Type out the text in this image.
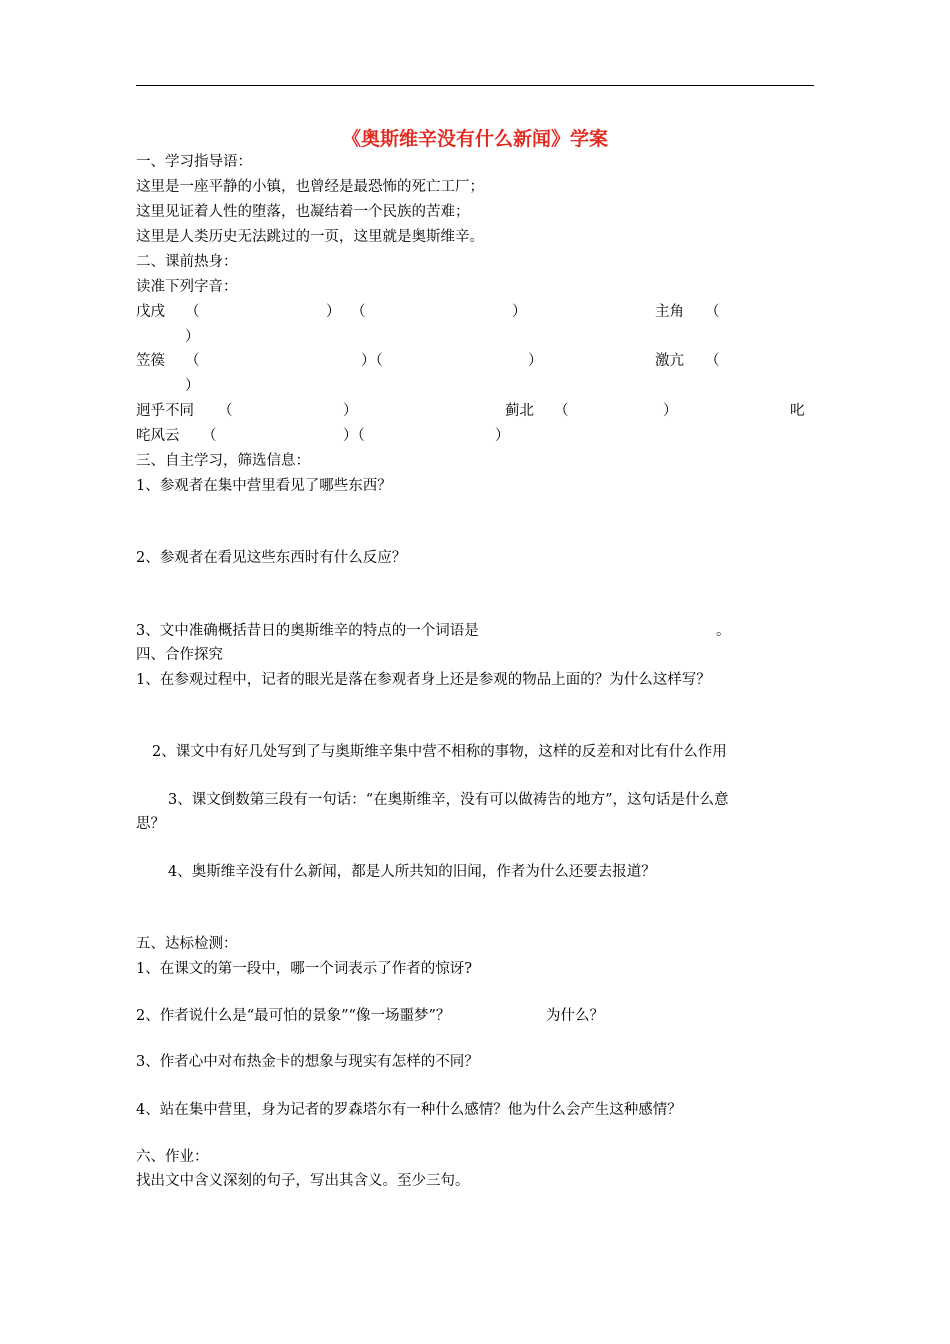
《奥斯维辛没有什么新闻》学案
一、学习指导语：
这里是一座平静的小镇，也曾经是最恐怖的死亡工厂；
这里见证着人性的堕落，也凝结着一个民族的苦难；
这里是人类历史无法跳过的一页，这里就是奥斯维辛。
二、课前热身：
读准下列字音：
戊戌 （	） （	）	主角 （
）
笠篌 （	）（	）	激亢 （
）
迥乎不同 （	）	蓟北 （	）	叱
咤风云 （	）（	）
三、自主学习，筛选信息：
1、参观者在集中营里看见了哪些东西？
2、参观者在看见这些东西时有什么反应？
3、文中准确概括昔日的奥斯维辛的特点的一个词语是	。
四、合作探究
1、在参观过程中，记者的眼光是落在参观者身上还是参观的物品上面的？为什么这样写？
2、课文中有好几处写到了与奥斯维辛集中营不相称的事物，这样的反差和对比有什么作用
3、课文倒数第三段有一句话：“在奥斯维辛，没有可以做祷告的地方”，这句话是什么意
思？
4、奥斯维辛没有什么新闻，都是人所共知的旧闻，作者为什么还要去报道？
五、达标检测：
1、在课文的第一段中，哪一个词表示了作者的惊讶?
2、作者说什么是“最可怕的景象”“像一场噩梦”？	为什么？
3、作者心中对布热金卡的想象与现实有怎样的不同？
4、站在集中营里，身为记者的罗森塔尔有一种什么感情？他为什么会产生这种感情？
六、作业：
找出文中含义深刻的句子，写出其含义。至少三句。
